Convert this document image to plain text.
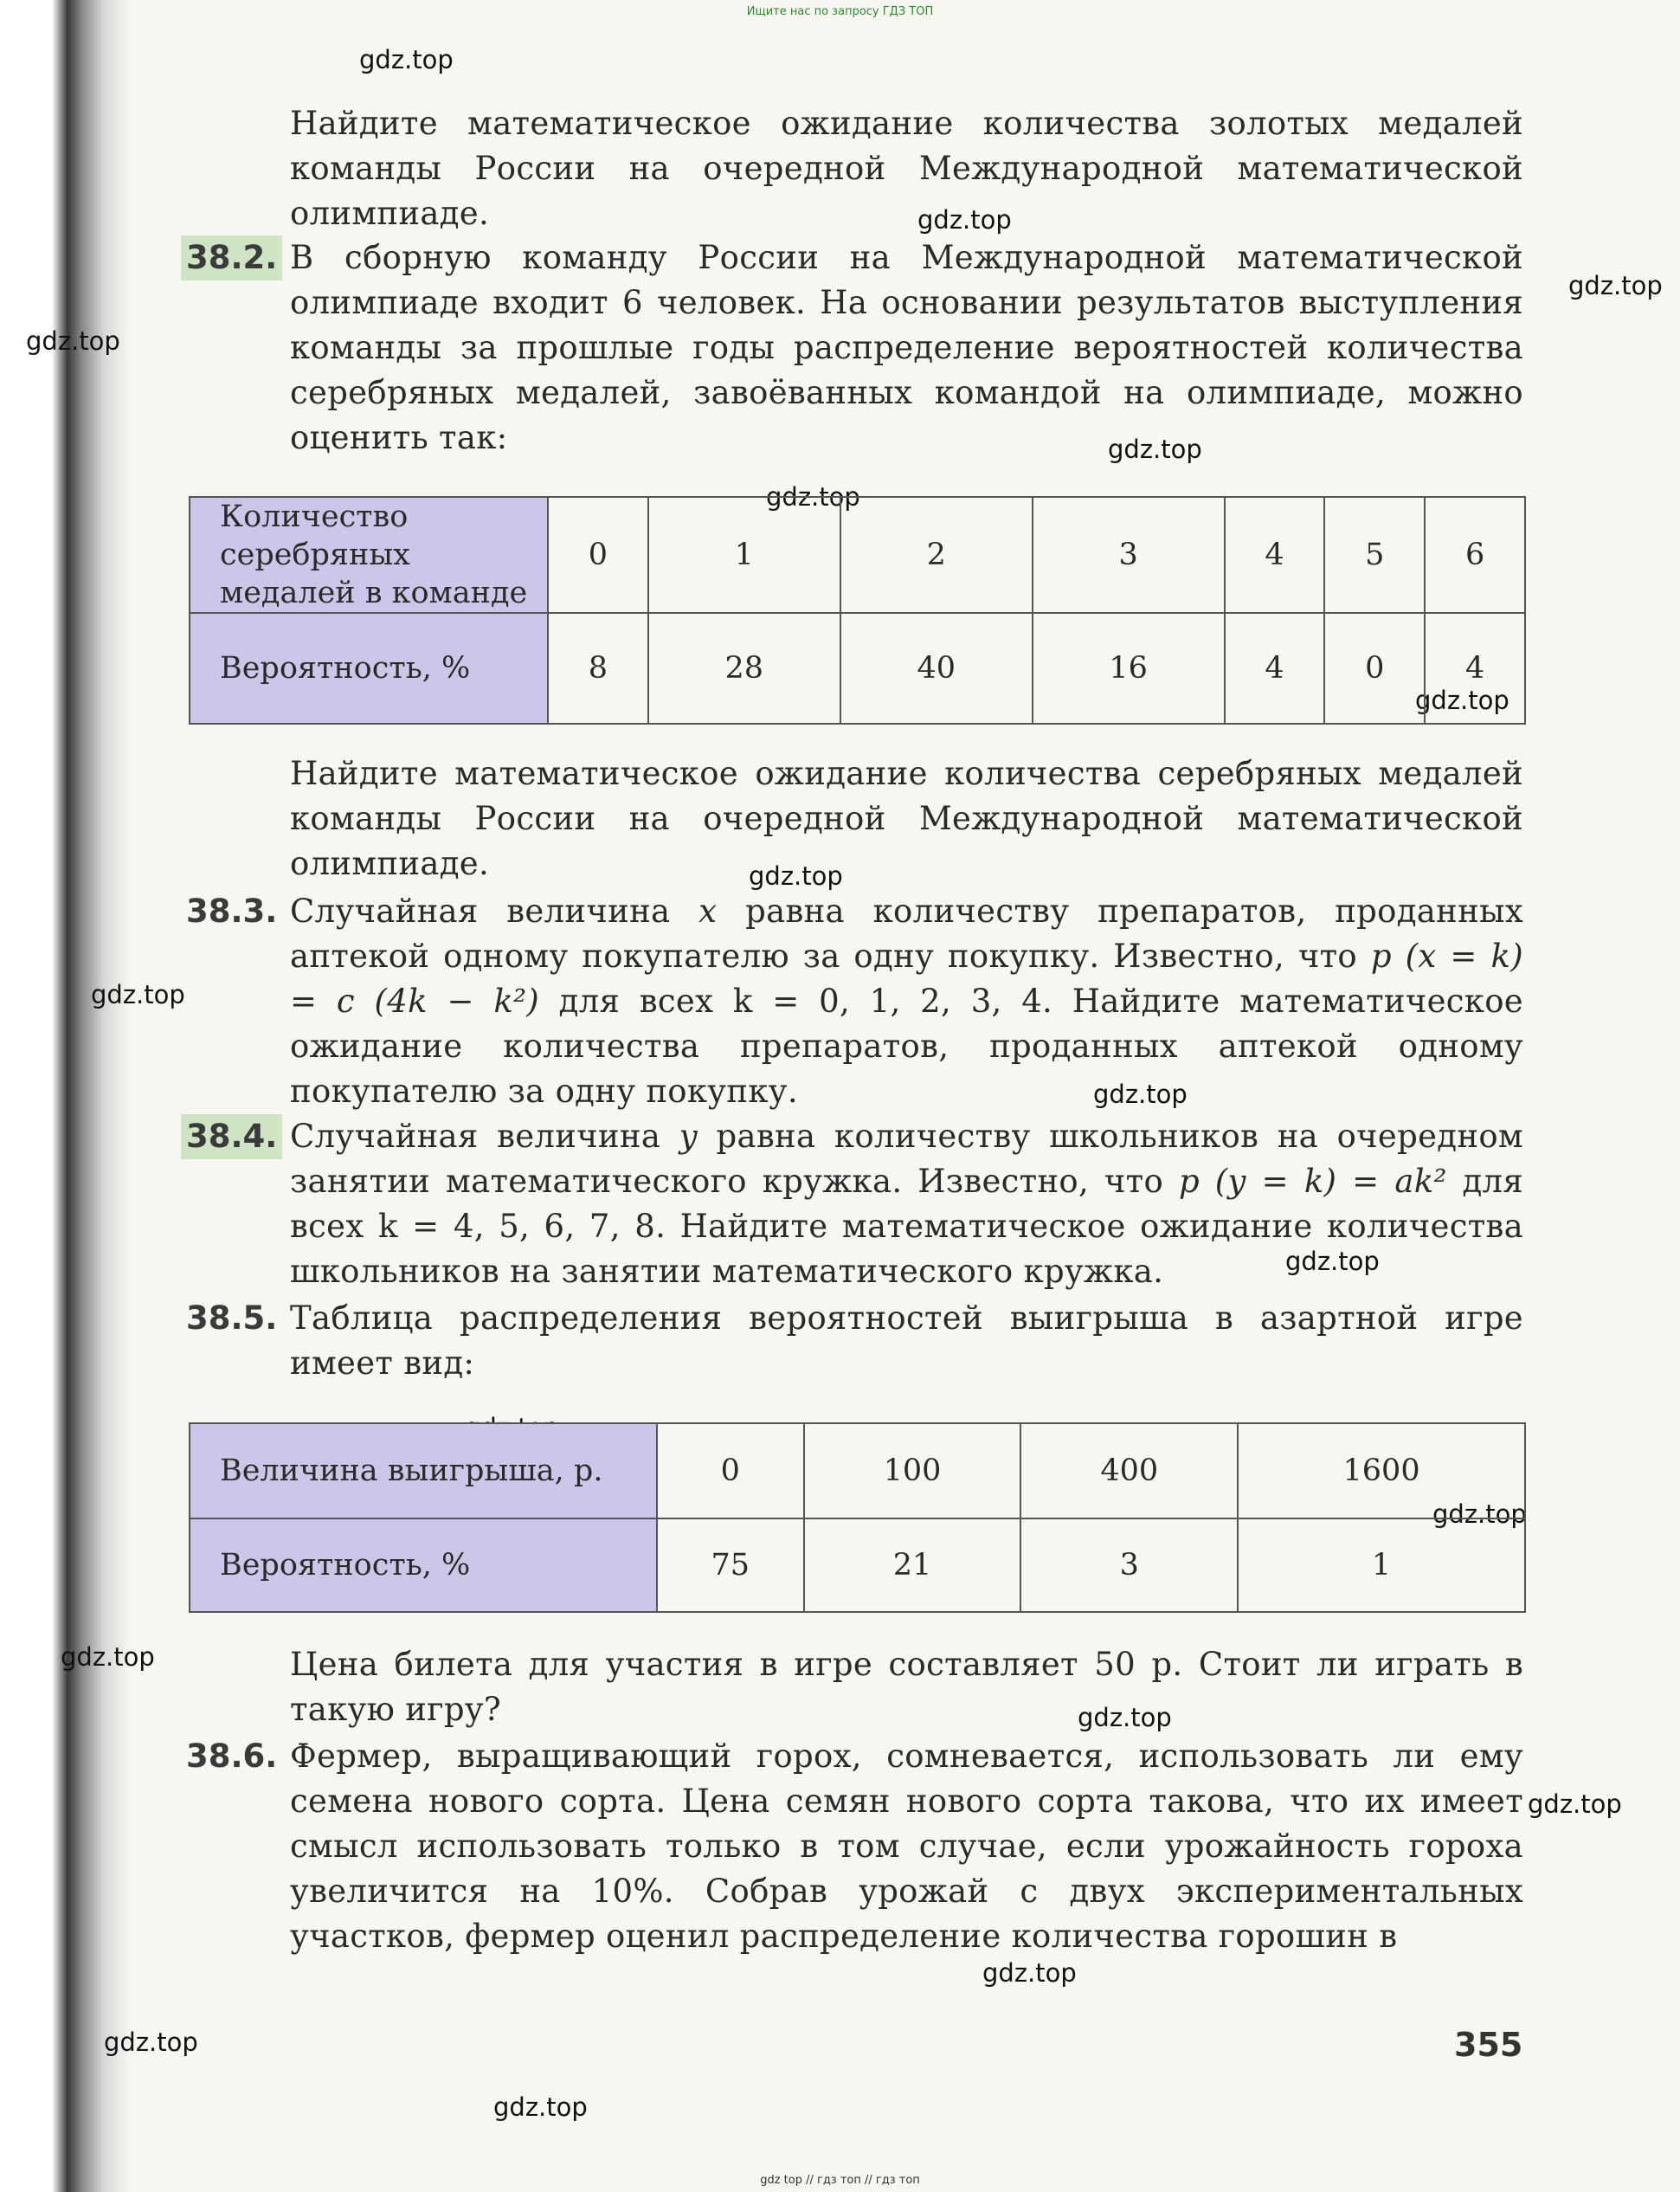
Ищите нас по запросу ГДЗ ТОП
gdz.top
gdz.top
gdz.top
gdz.top
gdz.top
gdz.top
gdz.top
gdz.top
gdz.top
gdz.top
gdz.top
gdz.top
gdz.top
gdz.top
gdz.top
gdz.top
gdz.top
gdz.top
Найдите математическое ожидание количества золотых медалей команды России на очередной Международной математической олимпиаде.
38.2. В сборную команду России на Международной математической олимпиаде входит 6 человек. На основании результатов выступления команды за прошлые годы распределение вероятностей количества серебряных медалей, завоёванных командой на олимпиаде, можно оценить так:
Количество серебряных медалей в команде	0	1	2	3	4	5	6
Вероятность, %	8	28	40	16	4	0	4
Найдите математическое ожидание количества серебряных медалей команды России на очередной Международной математической олимпиаде.
38.3. Случайная величина x равна количеству препаратов, проданных аптекой одному покупателю за одну покупку. Известно, что p (x = k) = c (4k − k²) для всех k = 0, 1, 2, 3, 4. Найдите математическое ожидание количества препаратов, проданных аптекой одному покупателю за одну покупку.
38.4. Случайная величина y равна количеству школьников на очередном занятии математического кружка. Известно, что p (y = k) = ak² для всех k = 4, 5, 6, 7, 8. Найдите математическое ожидание количества школьников на занятии математического кружка.
38.5. Таблица распределения вероятностей выигрыша в азартной игре имеет вид:
Величина выигрыша, р.	0	100	400	1600
Вероятность, %	75	21	3	1
Цена билета для участия в игре составляет 50 р. Стоит ли играть в такую игру?
38.6. Фермер, выращивающий горох, сомневается, использовать ли ему семена нового сорта. Цена семян нового сорта такова, что их имеет смысл использовать только в том случае, если урожайность гороха увеличится на 10%. Собрав урожай с двух экспериментальных участков, фермер оценил распределение количества горошин в
355
gdz top // гдз топ // гдз топ
